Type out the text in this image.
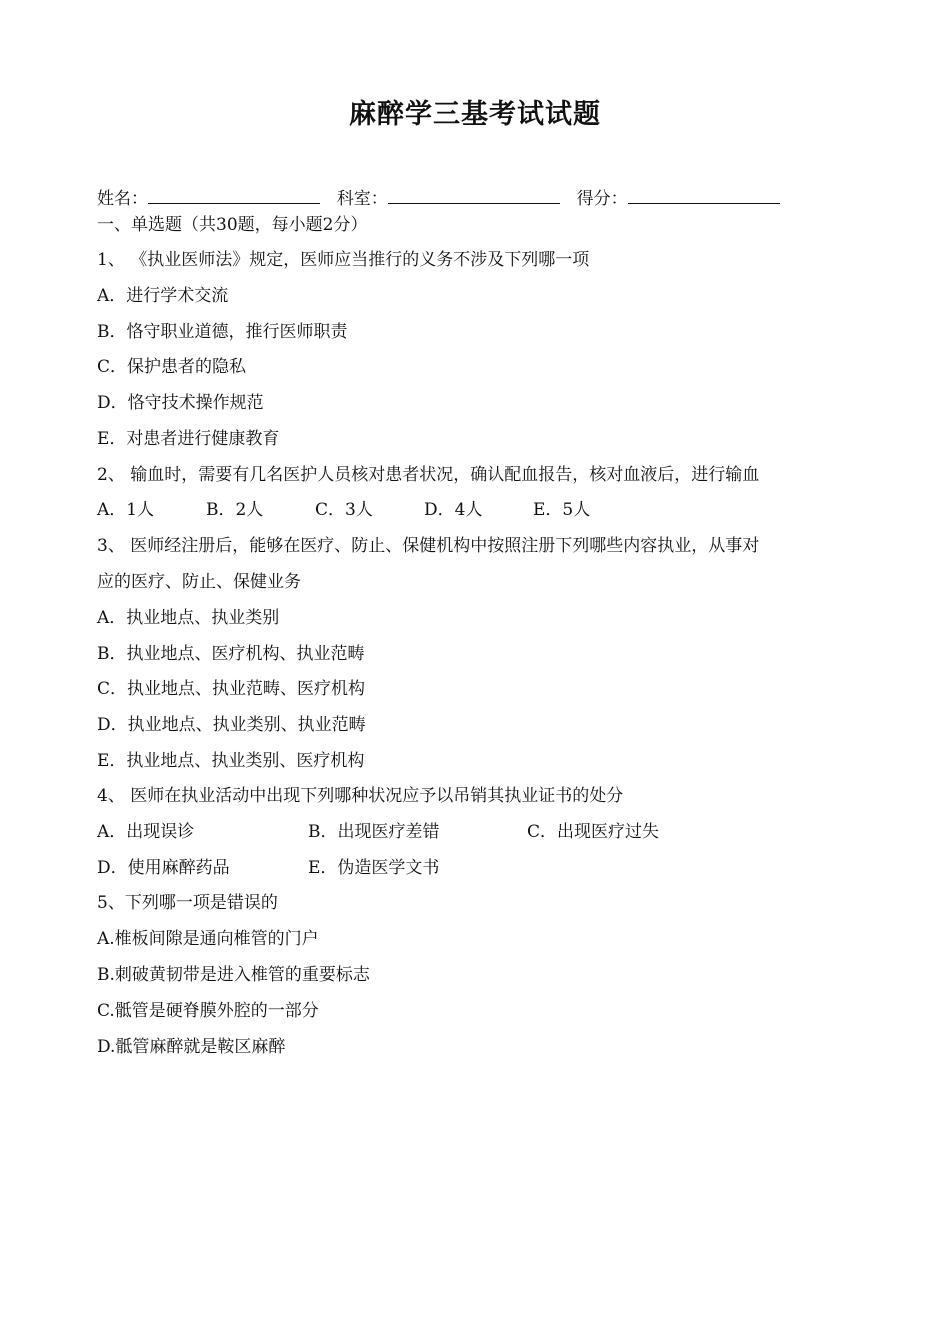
麻醉学三基考试试题
姓名：	科室：	得分：
一、单选题（共30题，每小题2分）
1、 《执业医师法》规定，医师应当推行的义务不涉及下列哪一项
A．进行学术交流
B．恪守职业道德，推行医师职责
C．保护患者的隐私
D．恪守技术操作规范
E．对患者进行健康教育
2、 输血时，需要有几名医护人员核对患者状况，确认配血报告，核对血液后，进行输血
A．1人	B．2人	C．3人	D．4人	E．5人
3、 医师经注册后，能够在医疗、防止、保健机构中按照注册下列哪些内容执业，从事对
应的医疗、防止、保健业务
A．执业地点、执业类别
B．执业地点、医疗机构、执业范畴
C．执业地点、执业范畴、医疗机构
D．执业地点、执业类别、执业范畴
E．执业地点、执业类别、医疗机构
4、 医师在执业活动中出现下列哪种状况应予以吊销其执业证书的处分
A．出现误诊	B．出现医疗差错	C．出现医疗过失
D．使用麻醉药品	E．伪造医学文书
5、下列哪一项是错误的
A.椎板间隙是通向椎管的门户
B.刺破黄韧带是进入椎管的重要标志
C.骶管是硬脊膜外腔的一部分
D.骶管麻醉就是鞍区麻醉
